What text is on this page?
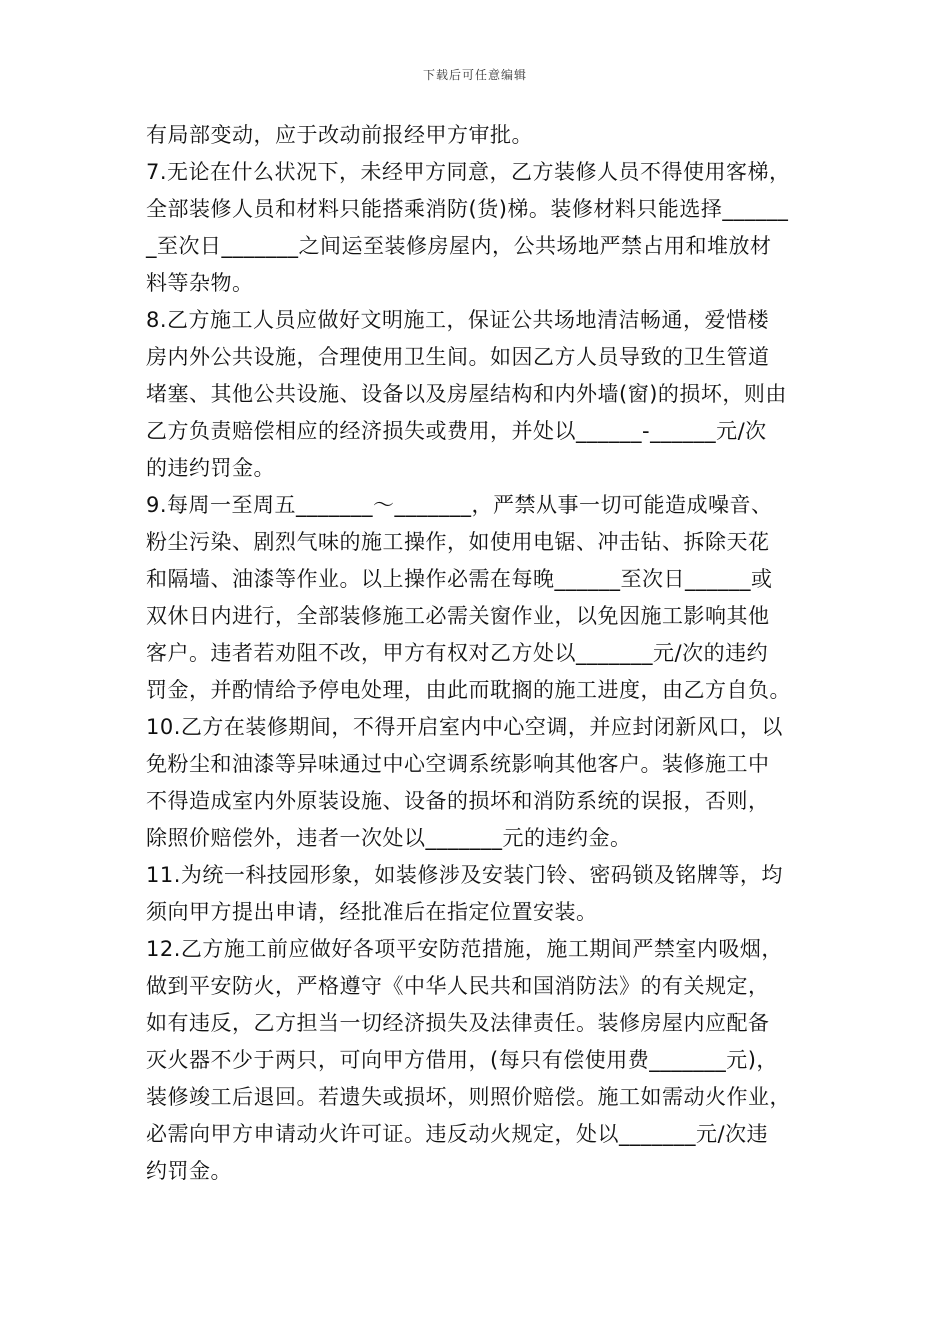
下载后可任意编辑
有局部变动，应于改动前报经甲方审批。
7.无论在什么状况下，未经甲方同意，乙方装修人员不得使用客梯，
全部装修人员和材料只能搭乘消防(货)梯。装修材料只能选择______
_至次日_______之间运至装修房屋内，公共场地严禁占用和堆放材
料等杂物。
8.乙方施工人员应做好文明施工，保证公共场地清洁畅通，爱惜楼
房内外公共设施，合理使用卫生间。如因乙方人员导致的卫生管道
堵塞、其他公共设施、设备以及房屋结构和内外墙(窗)的损坏，则由
乙方负责赔偿相应的经济损失或费用，并处以______-______元/次
的违约罚金。
9.每周一至周五_______～_______，严禁从事一切可能造成噪音、
粉尘污染、剧烈气味的施工操作，如使用电锯、冲击钻、拆除天花
和隔墙、油漆等作业。以上操作必需在每晚______至次日______或
双休日内进行，全部装修施工必需关窗作业，以免因施工影响其他
客户。违者若劝阻不改，甲方有权对乙方处以_______元/次的违约
罚金，并酌情给予停电处理，由此而耽搁的施工进度，由乙方自负。
10.乙方在装修期间，不得开启室内中心空调，并应封闭新风口，以
免粉尘和油漆等异味通过中心空调系统影响其他客户。装修施工中
不得造成室内外原装设施、设备的损坏和消防系统的误报，否则，
除照价赔偿外，违者一次处以_______元的违约金。
11.为统一科技园形象，如装修涉及安装门铃、密码锁及铭牌等，均
须向甲方提出申请，经批准后在指定位置安装。
12.乙方施工前应做好各项平安防范措施，施工期间严禁室内吸烟，
做到平安防火，严格遵守《中华人民共和国消防法》的有关规定，
如有违反，乙方担当一切经济损失及法律责任。装修房屋内应配备
灭火器不少于两只，可向甲方借用，(每只有偿使用费_______元)，
装修竣工后退回。若遗失或损坏，则照价赔偿。施工如需动火作业，
必需向甲方申请动火许可证。违反动火规定，处以_______元/次违
约罚金。
